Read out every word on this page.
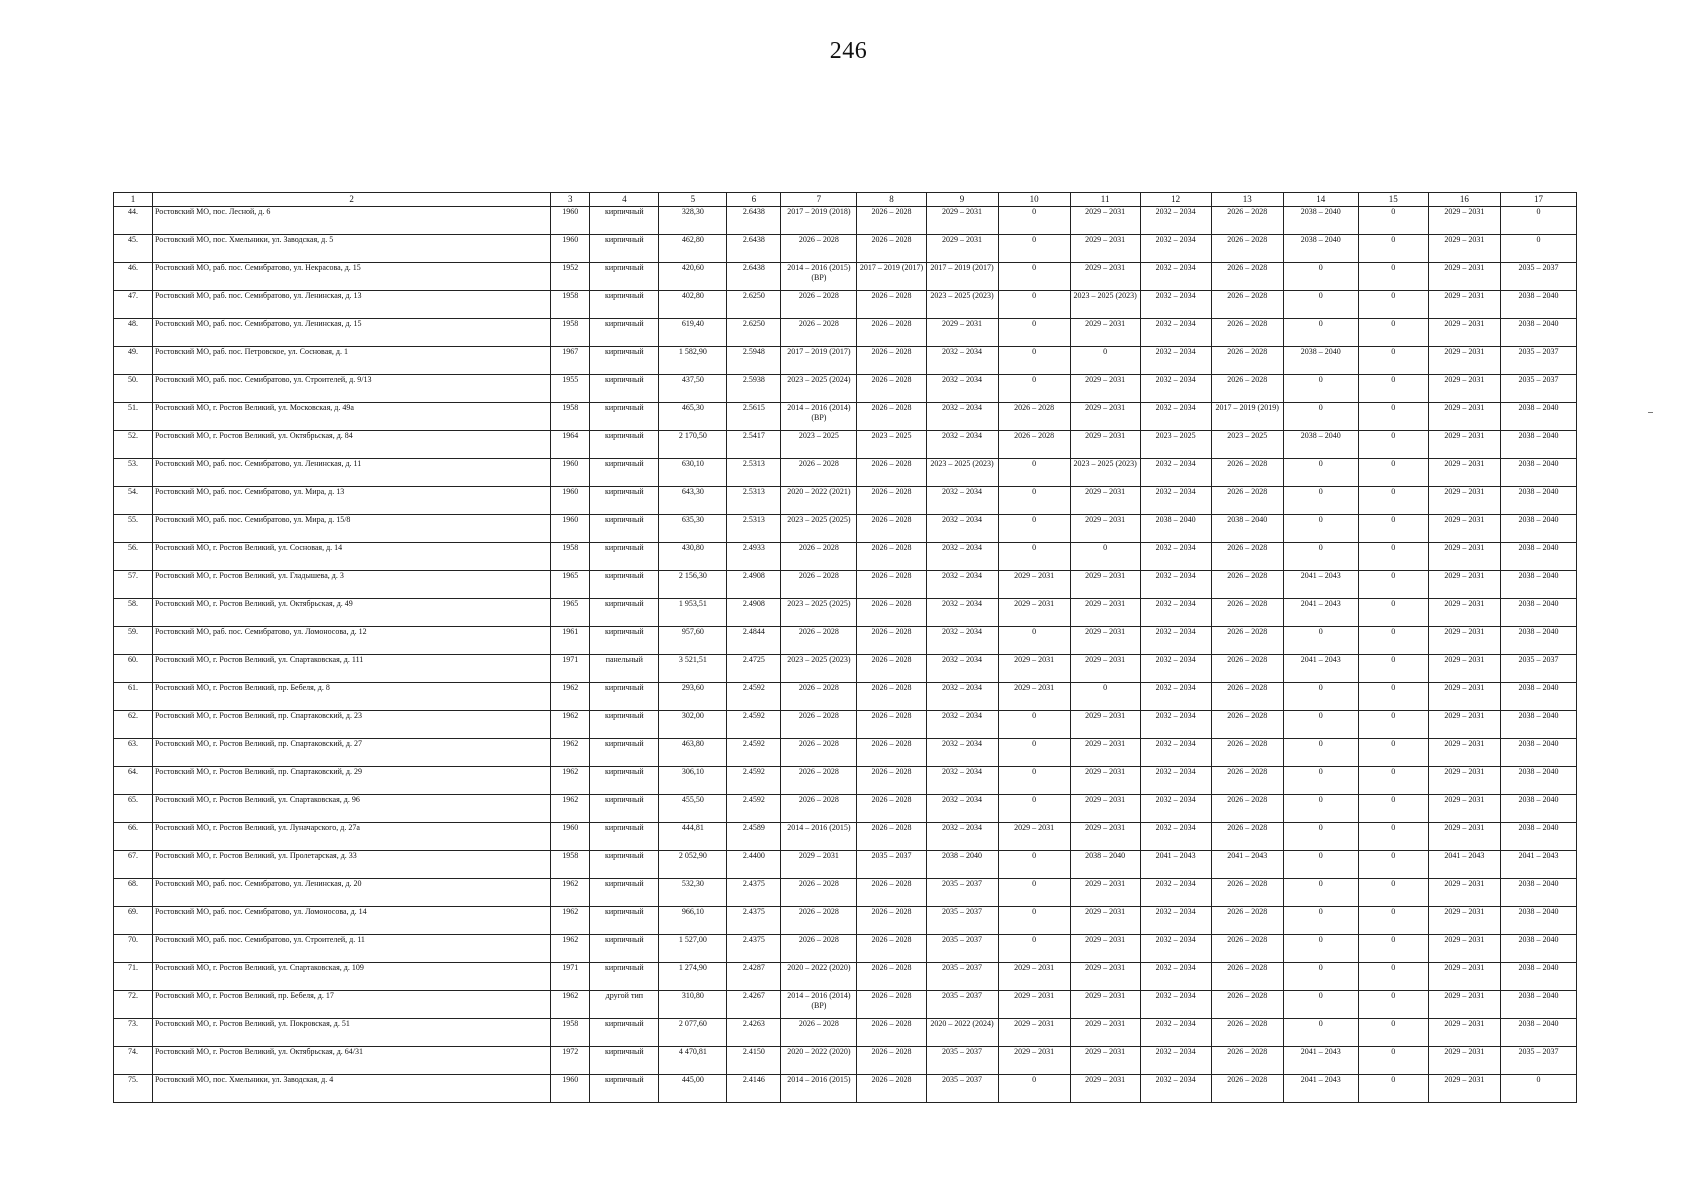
246
1	2	3	4	5	6	7	8	9	10	11	12	13	14	15	16	17
44.	Ростовский МО, пос. Лесной, д. 6	1960	кирпичный	328,30	2.6438	2017 – 2019 (2018)	2026 – 2028	2029 – 2031	0	2029 – 2031	2032 – 2034	2026 – 2028	2038 – 2040	0	2029 – 2031	0
45.	Ростовский МО, пос. Хмельники, ул. Заводская, д. 5	1960	кирпичный	462,80	2.6438	2026 – 2028	2026 – 2028	2029 – 2031	0	2029 – 2031	2032 – 2034	2026 – 2028	2038 – 2040	0	2029 – 2031	0
46.	Ростовский МО, раб. пос. Семибратово, ул. Некрасова, д. 15	1952	кирпичный	420,60	2.6438	2014 – 2016 (2015) (ВР)	2017 – 2019 (2017)	2017 – 2019 (2017)	0	2029 – 2031	2032 – 2034	2026 – 2028	0	0	2029 – 2031	2035 – 2037
47.	Ростовский МО, раб. пос. Семибратово, ул. Ленинская, д. 13	1958	кирпичный	402,80	2.6250	2026 – 2028	2026 – 2028	2023 – 2025 (2023)	0	2023 – 2025 (2023)	2032 – 2034	2026 – 2028	0	0	2029 – 2031	2038 – 2040
48.	Ростовский МО, раб. пос. Семибратово, ул. Ленинская, д. 15	1958	кирпичный	619,40	2.6250	2026 – 2028	2026 – 2028	2029 – 2031	0	2029 – 2031	2032 – 2034	2026 – 2028	0	0	2029 – 2031	2038 – 2040
49.	Ростовский МО, раб. пос. Петровское, ул. Сосновая, д. 1	1967	кирпичный	1 582,90	2.5948	2017 – 2019 (2017)	2026 – 2028	2032 – 2034	0	0	2032 – 2034	2026 – 2028	2038 – 2040	0	2029 – 2031	2035 – 2037
50.	Ростовский МО, раб. пос. Семибратово, ул. Строителей, д. 9/13	1955	кирпичный	437,50	2.5938	2023 – 2025 (2024)	2026 – 2028	2032 – 2034	0	2029 – 2031	2032 – 2034	2026 – 2028	0	0	2029 – 2031	2035 – 2037
51.	Ростовский МО, г. Ростов Великий, ул. Московская, д. 49а	1958	кирпичный	465,30	2.5615	2014 – 2016 (2014) (ВР)	2026 – 2028	2032 – 2034	2026 – 2028	2029 – 2031	2032 – 2034	2017 – 2019 (2019)	0	0	2029 – 2031	2038 – 2040
52.	Ростовский МО, г. Ростов Великий, ул. Октябрьская, д. 84	1964	кирпичный	2 170,50	2.5417	2023 – 2025	2023 – 2025	2032 – 2034	2026 – 2028	2029 – 2031	2023 – 2025	2023 – 2025	2038 – 2040	0	2029 – 2031	2038 – 2040
53.	Ростовский МО, раб. пос. Семибратово, ул. Ленинская, д. 11	1960	кирпичный	630,10	2.5313	2026 – 2028	2026 – 2028	2023 – 2025 (2023)	0	2023 – 2025 (2023)	2032 – 2034	2026 – 2028	0	0	2029 – 2031	2038 – 2040
54.	Ростовский МО, раб. пос. Семибратово, ул. Мира, д. 13	1960	кирпичный	643,30	2.5313	2020 – 2022 (2021)	2026 – 2028	2032 – 2034	0	2029 – 2031	2032 – 2034	2026 – 2028	0	0	2029 – 2031	2038 – 2040
55.	Ростовский МО, раб. пос. Семибратово, ул. Мира, д. 15/8	1960	кирпичный	635,30	2.5313	2023 – 2025 (2025)	2026 – 2028	2032 – 2034	0	2029 – 2031	2038 – 2040	2038 – 2040	0	0	2029 – 2031	2038 – 2040
56.	Ростовский МО, г. Ростов Великий, ул. Сосновая, д. 14	1958	кирпичный	430,80	2.4933	2026 – 2028	2026 – 2028	2032 – 2034	0	0	2032 – 2034	2026 – 2028	0	0	2029 – 2031	2038 – 2040
57.	Ростовский МО, г. Ростов Великий, ул. Гладышева, д. 3	1965	кирпичный	2 156,30	2.4908	2026 – 2028	2026 – 2028	2032 – 2034	2029 – 2031	2029 – 2031	2032 – 2034	2026 – 2028	2041 – 2043	0	2029 – 2031	2038 – 2040
58.	Ростовский МО, г. Ростов Великий, ул. Октябрьская, д. 49	1965	кирпичный	1 953,51	2.4908	2023 – 2025 (2025)	2026 – 2028	2032 – 2034	2029 – 2031	2029 – 2031	2032 – 2034	2026 – 2028	2041 – 2043	0	2029 – 2031	2038 – 2040
59.	Ростовский МО, раб. пос. Семибратово, ул. Ломоносова, д. 12	1961	кирпичный	957,60	2.4844	2026 – 2028	2026 – 2028	2032 – 2034	0	2029 – 2031	2032 – 2034	2026 – 2028	0	0	2029 – 2031	2038 – 2040
60.	Ростовский МО, г. Ростов Великий, ул. Спартаковская, д. 111	1971	панельный	3 521,51	2.4725	2023 – 2025 (2023)	2026 – 2028	2032 – 2034	2029 – 2031	2029 – 2031	2032 – 2034	2026 – 2028	2041 – 2043	0	2029 – 2031	2035 – 2037
61.	Ростовский МО, г. Ростов Великий, пр. Бебеля, д. 8	1962	кирпичный	293,60	2.4592	2026 – 2028	2026 – 2028	2032 – 2034	2029 – 2031	0	2032 – 2034	2026 – 2028	0	0	2029 – 2031	2038 – 2040
62.	Ростовский МО, г. Ростов Великий, пр. Спартаковский, д. 23	1962	кирпичный	302,00	2.4592	2026 – 2028	2026 – 2028	2032 – 2034	0	2029 – 2031	2032 – 2034	2026 – 2028	0	0	2029 – 2031	2038 – 2040
63.	Ростовский МО, г. Ростов Великий, пр. Спартаковский, д. 27	1962	кирпичный	463,80	2.4592	2026 – 2028	2026 – 2028	2032 – 2034	0	2029 – 2031	2032 – 2034	2026 – 2028	0	0	2029 – 2031	2038 – 2040
64.	Ростовский МО, г. Ростов Великий, пр. Спартаковский, д. 29	1962	кирпичный	306,10	2.4592	2026 – 2028	2026 – 2028	2032 – 2034	0	2029 – 2031	2032 – 2034	2026 – 2028	0	0	2029 – 2031	2038 – 2040
65.	Ростовский МО, г. Ростов Великий, ул. Спартаковская, д. 96	1962	кирпичный	455,50	2.4592	2026 – 2028	2026 – 2028	2032 – 2034	0	2029 – 2031	2032 – 2034	2026 – 2028	0	0	2029 – 2031	2038 – 2040
66.	Ростовский МО, г. Ростов Великий, ул. Луначарского, д. 27а	1960	кирпичный	444,81	2.4589	2014 – 2016 (2015)	2026 – 2028	2032 – 2034	2029 – 2031	2029 – 2031	2032 – 2034	2026 – 2028	0	0	2029 – 2031	2038 – 2040
67.	Ростовский МО, г. Ростов Великий, ул. Пролетарская, д. 33	1958	кирпичный	2 052,90	2.4400	2029 – 2031	2035 – 2037	2038 – 2040	0	2038 – 2040	2041 – 2043	2041 – 2043	0	0	2041 – 2043	2041 – 2043
68.	Ростовский МО, раб. пос. Семибратово, ул. Ленинская, д. 20	1962	кирпичный	532,30	2.4375	2026 – 2028	2026 – 2028	2035 – 2037	0	2029 – 2031	2032 – 2034	2026 – 2028	0	0	2029 – 2031	2038 – 2040
69.	Ростовский МО, раб. пос. Семибратово, ул. Ломоносова, д. 14	1962	кирпичный	966,10	2.4375	2026 – 2028	2026 – 2028	2035 – 2037	0	2029 – 2031	2032 – 2034	2026 – 2028	0	0	2029 – 2031	2038 – 2040
70.	Ростовский МО, раб. пос. Семибратово, ул. Строителей, д. 11	1962	кирпичный	1 527,00	2.4375	2026 – 2028	2026 – 2028	2035 – 2037	0	2029 – 2031	2032 – 2034	2026 – 2028	0	0	2029 – 2031	2038 – 2040
71.	Ростовский МО, г. Ростов Великий, ул. Спартаковская, д. 109	1971	кирпичный	1 274,90	2.4287	2020 – 2022 (2020)	2026 – 2028	2035 – 2037	2029 – 2031	2029 – 2031	2032 – 2034	2026 – 2028	0	0	2029 – 2031	2038 – 2040
72.	Ростовский МО, г. Ростов Великий, пр. Бебеля, д. 17	1962	другой тип	310,80	2.4267	2014 – 2016 (2014) (ВР)	2026 – 2028	2035 – 2037	2029 – 2031	2029 – 2031	2032 – 2034	2026 – 2028	0	0	2029 – 2031	2038 – 2040
73.	Ростовский МО, г. Ростов Великий, ул. Покровская, д. 51	1958	кирпичный	2 077,60	2.4263	2026 – 2028	2026 – 2028	2020 – 2022 (2024)	2029 – 2031	2029 – 2031	2032 – 2034	2026 – 2028	0	0	2029 – 2031	2038 – 2040
74.	Ростовский МО, г. Ростов Великий, ул. Октябрьская, д. 64/31	1972	кирпичный	4 470,81	2.4150	2020 – 2022 (2020)	2026 – 2028	2035 – 2037	2029 – 2031	2029 – 2031	2032 – 2034	2026 – 2028	2041 – 2043	0	2029 – 2031	2035 – 2037
75.	Ростовский МО, пос. Хмельники, ул. Заводская, д. 4	1960	кирпичный	445,00	2.4146	2014 – 2016 (2015)	2026 – 2028	2035 – 2037	0	2029 – 2031	2032 – 2034	2026 – 2028	2041 – 2043	0	2029 – 2031	0
